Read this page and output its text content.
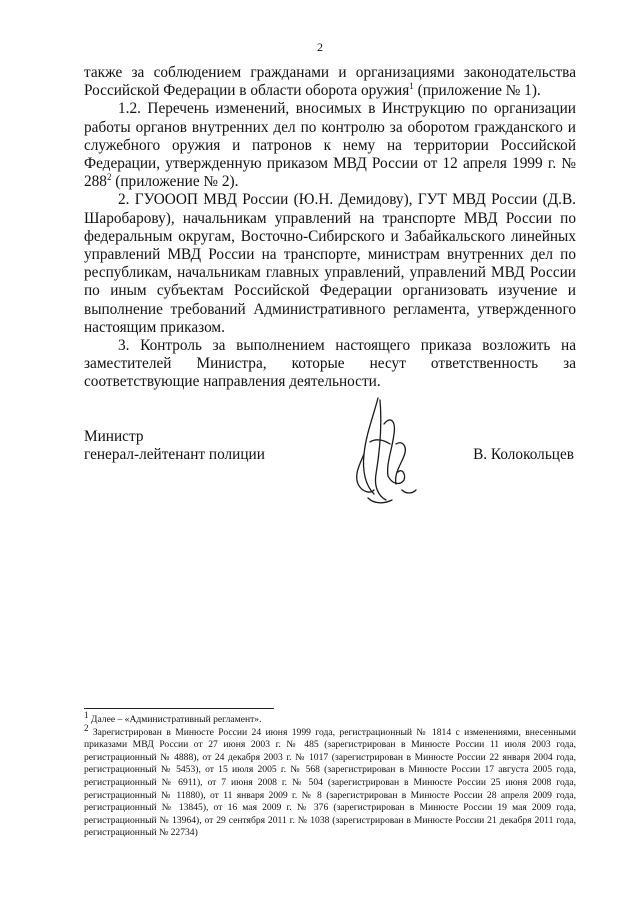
2

также за соблюдением гражданами и организациями законодательства Российской Федерации в области оборота оружия$^1$ (приложение № 1).

1.2. Перечень изменений, вносимых в Инструкцию по организации работы органов внутренних дел по контролю за оборотом гражданского и служебного оружия и патронов к нему на территории Российской Федерации, утвержденную приказом МВД России от 12 апреля 1999 г. № $288^2$ (приложение № 2).

2. ГУОООП МВД России (Ю.Н. Демидову), ГУТ МВД России (Д.В. Шаробарову), начальникам управлений на транспорте МВД России по федеральным округам, Восточно-Сибирского и Забайкальского линейных управлений МВД России на транспорте, министрам внутренних дел по республикам, начальникам главных управлений, управлений МВД России по иным субъектам Российской Федерации организовать изучение и выполнение требований Административного регламента, утвержденного настоящим приказом.

3. Контроль за выполнением настоящего приказа возложить на заместителей Министра, которые несут ответственность за соответствующие направления деятельности.

Министр
генерал-лейтенант полиции	В. Колокольцев

$^1$ Далее – «Административный регламент».

$^2$ Зарегистрирован в Минюсте России 24 июня 1999 года, регистрационный № 1814 с изменениями, внесенными приказами МВД России от 27 июня 2003 г. № 485 (зарегистрирован в Минюсте России 11 июля 2003 года, регистрационный № 4888), от 24 декабря 2003 г. № 1017 (зарегистрирован в Минюсте России 22 января 2004 года, регистрационный № 5453), от 15 июля 2005 г. № 568 (зарегистрирован в Минюсте России 17 августа 2005 года, регистрационный № 6911), от 7 июня 2008 г. № 504 (зарегистрирован в Минюсте России 25 июня 2008 года, регистрационный № 11880), от 11 января 2009 г. № 8 (зарегистрирован в Минюсте России 28 апреля 2009 года, регистрационный № 13845), от 16 мая 2009 г. № 376 (зарегистрирован в Минюсте России 19 мая 2009 года, регистрационный № 13964), от 29 сентября 2011 г. № 1038 (зарегистрирован в Минюсте России 21 декабря 2011 года, регистрационный № 22734)
